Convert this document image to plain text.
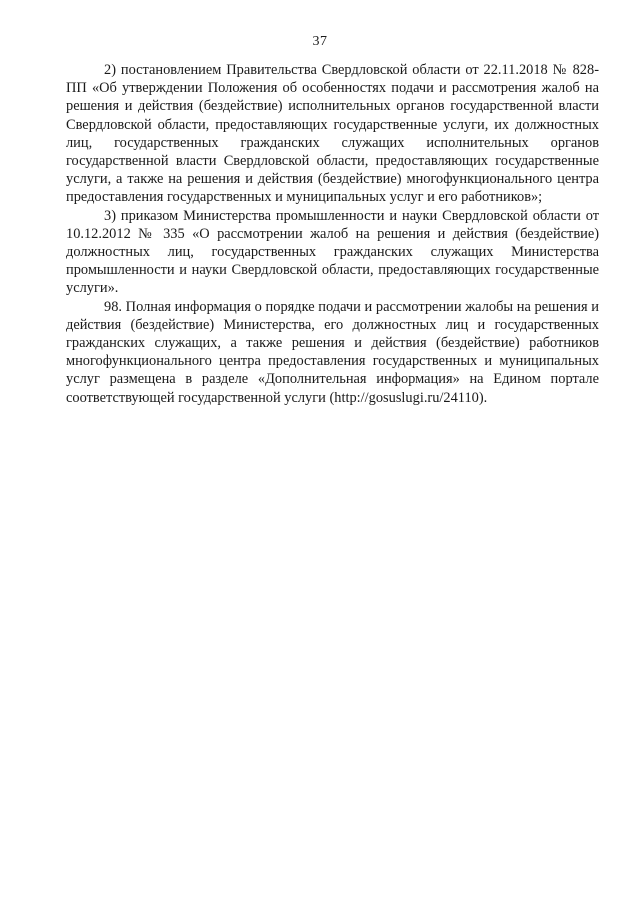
37

2) постановлением Правительства Свердловской области от 22.11.2018 № 828-ПП «Об утверждении Положения об особенностях подачи и рассмотрения жалоб на решения и действия (бездействие) исполнительных органов государственной власти Свердловской области, предоставляющих государственные услуги, их должностных лиц, государственных гражданских служащих исполнительных органов государственной власти Свердловской области, предоставляющих государственные услуги, а также на решения и действия (бездействие) многофункционального центра предоставления государственных и муниципальных услуг и его работников»;

3) приказом Министерства промышленности и науки Свердловской области от 10.12.2012 № 335 «О рассмотрении жалоб на решения и действия (бездействие) должностных лиц, государственных гражданских служащих Министерства промышленности и науки Свердловской области, предоставляющих государственные услуги».

98. Полная информация о порядке подачи и рассмотрении жалобы на решения и действия (бездействие) Министерства, его должностных лиц и государственных гражданских служащих, а также решения и действия (бездействие) работников многофункционального центра предоставления государственных и муниципальных услуг размещена в разделе «Дополнительная информация» на Едином портале соответствующей государственной услуги (http://gosuslugi.ru/24110).
